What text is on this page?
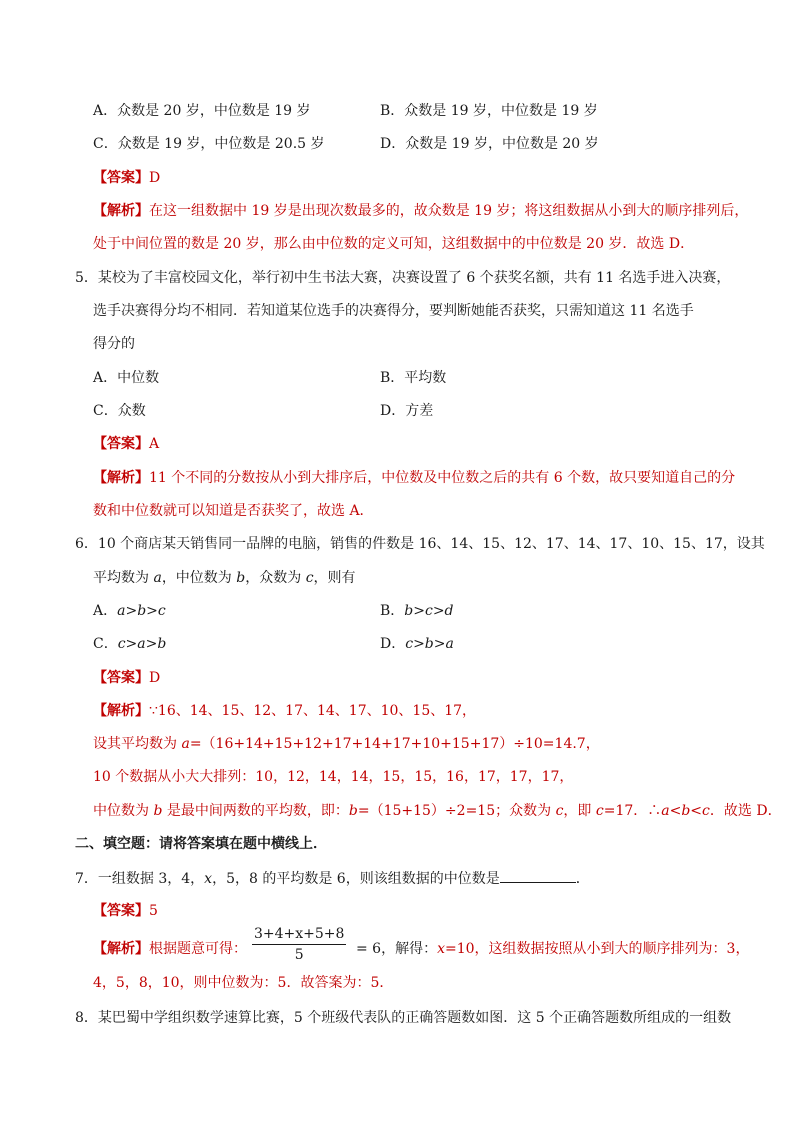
A．众数是 20 岁，中位数是 19 岁	B．众数是 19 岁，中位数是 19 岁
C．众数是 19 岁，中位数是 20.5 岁	D．众数是 19 岁，中位数是 20 岁
【答案】D
【解析】在这一组数据中 19 岁是出现次数最多的，故众数是 19 岁；将这组数据从小到大的顺序排列后，
处于中间位置的数是 20 岁，那么由中位数的定义可知，这组数据中的中位数是 20 岁．故选 D．
5．某校为了丰富校园文化，举行初中生书法大赛，决赛设置了 6 个获奖名额，共有 11 名选手进入决赛，
选手决赛得分均不相同．若知道某位选手的决赛得分，要判断她能否获奖，只需知道这 11 名选手
得分的
A．中位数	B．平均数
C．众数	D．方差
【答案】A
【解析】11 个不同的分数按从小到大排序后，中位数及中位数之后的共有 6 个数，故只要知道自己的分
数和中位数就可以知道是否获奖了，故选 A．
6．10 个商店某天销售同一品牌的电脑，销售的件数是 16、14、15、12、17、14、17、10、15、17，设其
平均数为 a，中位数为 b，众数为 c，则有
A．a>b>c	B．b>c>d
C．c>a>b	D．c>b>a
【答案】D
【解析】∵16、14、15、12、17、14、17、10、15、17，
设其平均数为 a=（16+14+15+12+17+14+17+10+15+17）÷10=14.7，
10 个数据从小大大排列：10，12，14，14，15，15，16，17，17，17，
中位数为 b 是最中间两数的平均数，即：b=（15+15）÷2=15；众数为 c，即 c=17．∴a<b<c．故选 D．
二、填空题：请将答案填在题中横线上．
7．一组数据 3，4，x，5，8 的平均数是 6，则该组数据的中位数是	．
【答案】5
【解析】根据题意可得： $\frac{3+4+x+5+8}{5} = 6$，解得：x=10，这组数据按照从小到大的顺序排列为：3，
4，5，8，10，则中位数为：5．故答案为：5．
8．某巴蜀中学组织数学速算比赛，5 个班级代表队的正确答题数如图．这 5 个正确答题数所组成的一组数
